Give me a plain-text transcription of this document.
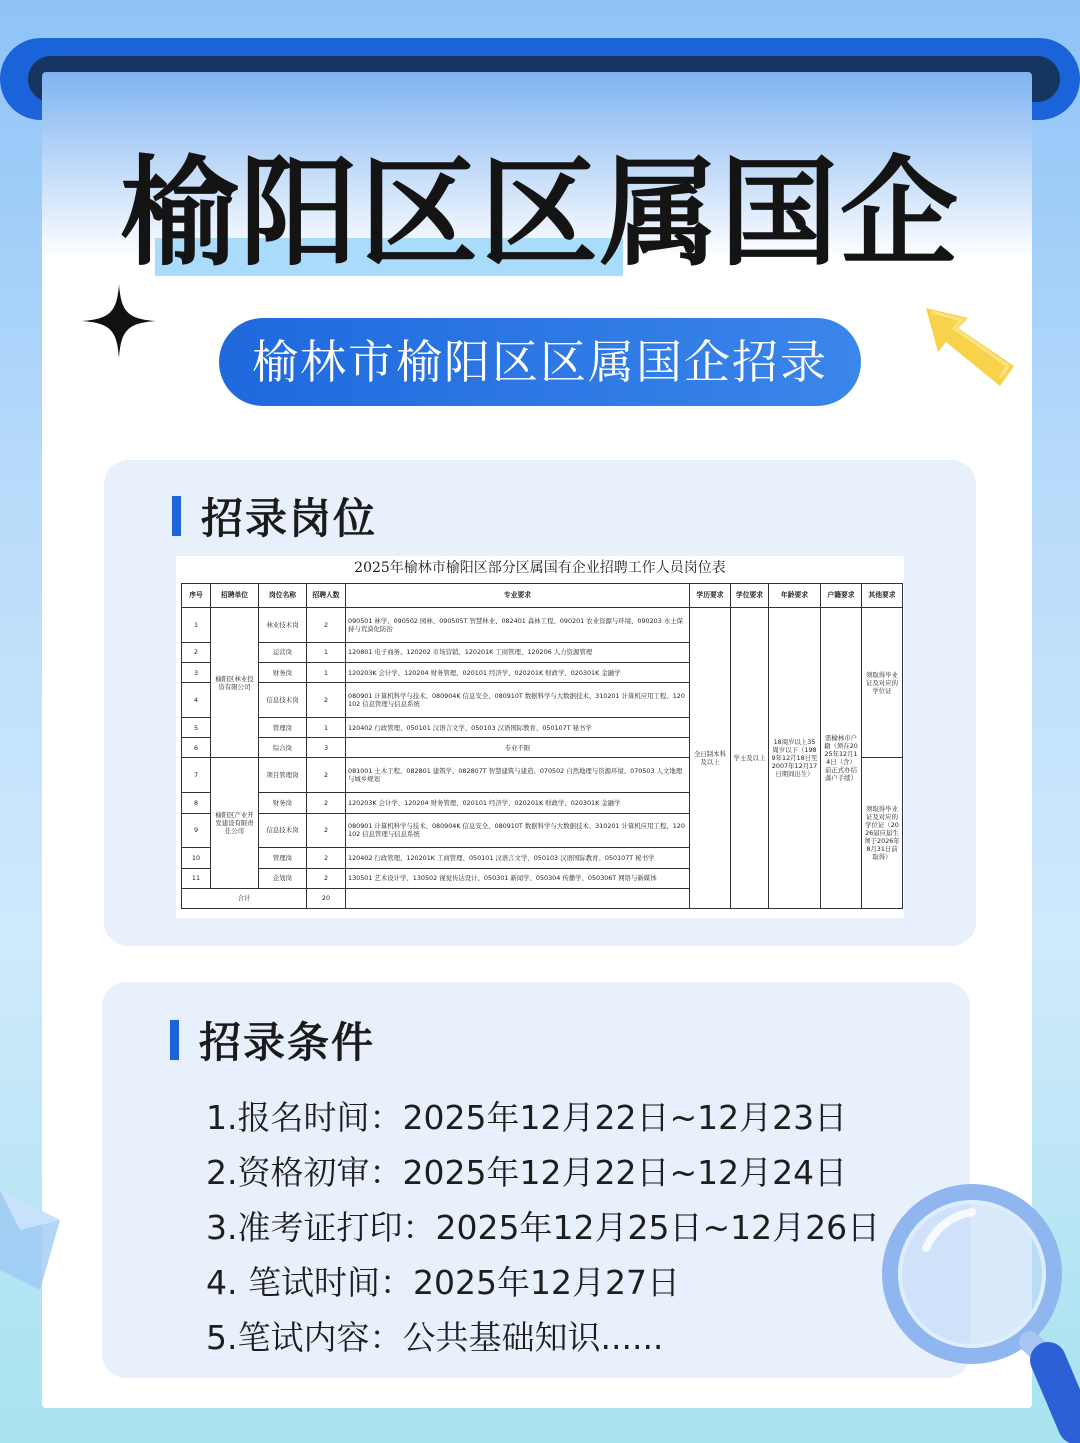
榆阳区区属国企
榆林市榆阳区区属国企招录
招录岗位
2025年榆林市榆阳区部分区属国有企业招聘工作人员岗位表
序号	招聘单位	岗位名称	招聘人数	专业要求	学历要求	学位要求	年龄要求	户籍要求	其他要求
1	榆阳区林业投资有限公司	林业技术岗	2	090501 林学、090502 园林、090505T 智慧林业、082401 森林工程、090201 农业资源与环境、090203 水土保持与荒漠化防治	全日制本科及以上	学士及以上	18周岁以上35周岁以下（1989年12月18日至2007年12月17日期间出生）	需榆林市户籍（须在2025年12月14日（含）前正式办结落户手续）	须取得毕业证及对应的学位证
2		运营岗	1	120801 电子商务、120202 市场营销、120201K 工商管理、120206 人力资源管理					
3		财务岗	1	120203K 会计学、120204 财务管理、020101 经济学、020201K 财政学、020301K 金融学					
4		信息技术岗	2	080901 计算机科学与技术、080904K 信息安全、080910T 数据科学与大数据技术、310201 计算机应用工程、120102 信息管理与信息系统					
5		管理岗	1	120402 行政管理、050101 汉语言文学、050103 汉语国际教育、050107T 秘书学					
6		综合岗	3	专业不限					
7	榆阳区产业开发建设有限责任公司	项目管理岗	2	081001 土木工程、082801 建筑学、082807T 智慧建筑与建造、070502 自然地理与资源环境、070503 人文地理与城乡规划					须取得毕业证及对应的学位证（2026届应届生须于2026年8月31日前取得）
8		财务岗	2	120203K 会计学、120204 财务管理、020101 经济学、020201K 财政学、020301K 金融学					
9		信息技术岗	2	080901 计算机科学与技术、080904K 信息安全、080910T 数据科学与大数据技术、310201 计算机应用工程、120102 信息管理与信息系统					
10		管理岗	2	120402 行政管理、120201K 工商管理、050101 汉语言文学、050103 汉语国际教育、050107T 秘书学					
11		企划岗	2	130501 艺术设计学、130502 视觉传达设计、050301 新闻学、050304 传播学、050306T 网络与新媒体					
合计			20						
招录条件
1.报名时间：2025年12月22日~12月23日
2.资格初审：2025年12月22日~12月24日
3.准考证打印：2025年12月25日~12月26日
4. 笔试时间：2025年12月27日
5.笔试内容：公共基础知识......
